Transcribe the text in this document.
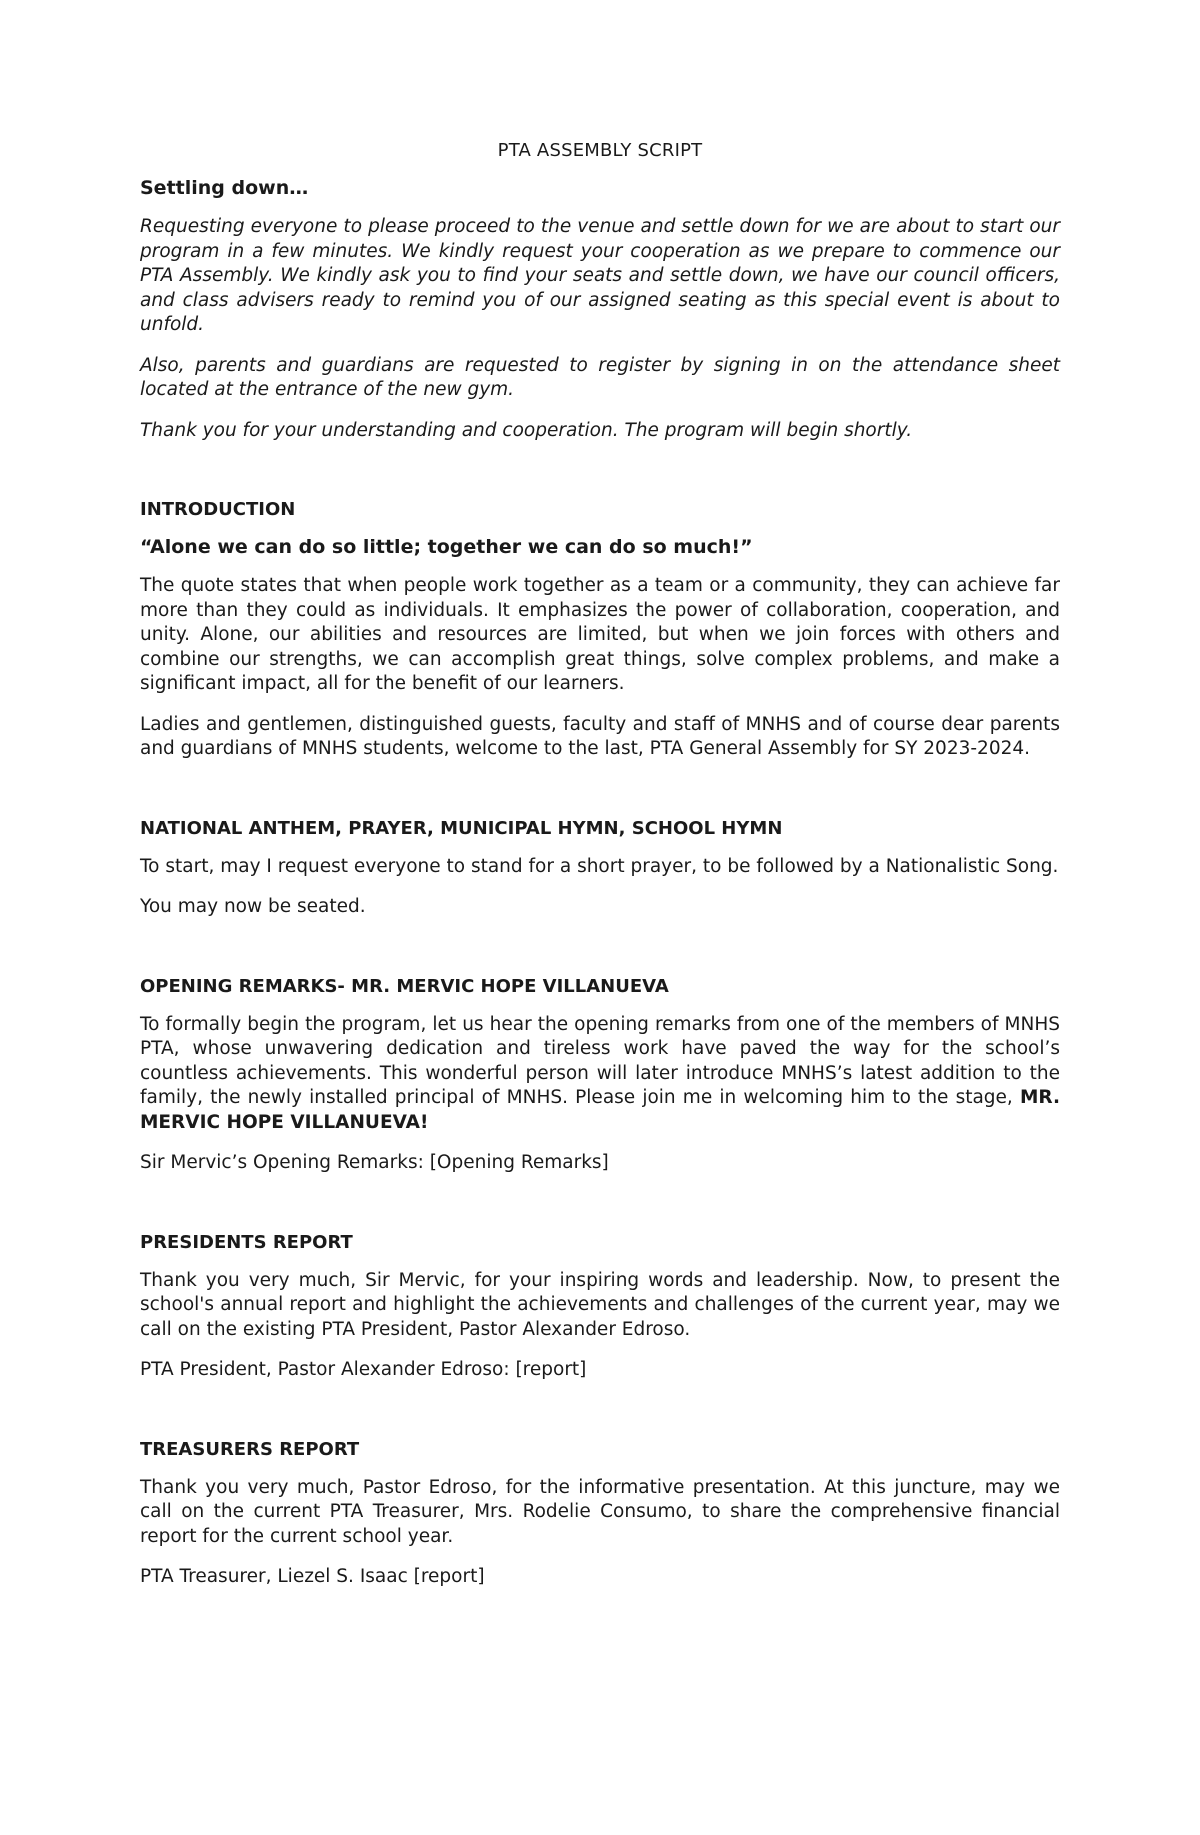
PTA ASSEMBLY SCRIPT
Settling down…

Requesting everyone to please proceed to the venue and settle down for we are about to start our program in a few minutes. We kindly request your cooperation as we prepare to commence our PTA Assembly. We kindly ask you to find your seats and settle down, we have our council officers, and class advisers ready to remind you of our assigned seating as this special event is about to unfold.

Also, parents and guardians are requested to register by signing in on the attendance sheet located at the entrance of the new gym.

Thank you for your understanding and cooperation. The program will begin shortly.

INTRODUCTION
“Alone we can do so little; together we can do so much!”

The quote states that when people work together as a team or a community, they can achieve far more than they could as individuals. It emphasizes the power of collaboration, cooperation, and unity. Alone, our abilities and resources are limited, but when we join forces with others and combine our strengths, we can accomplish great things, solve complex problems, and make a significant impact, all for the benefit of our learners.

Ladies and gentlemen, distinguished guests, faculty and staff of MNHS and of course dear parents and guardians of MNHS students, welcome to the last, PTA General Assembly for SY 2023-2024.

NATIONAL ANTHEM, PRAYER, MUNICIPAL HYMN, SCHOOL HYMN

To start, may I request everyone to stand for a short prayer, to be followed by a Nationalistic Song.

You may now be seated.

OPENING REMARKS- MR. MERVIC HOPE VILLANUEVA

To formally begin the program, let us hear the opening remarks from one of the members of MNHS PTA, whose unwavering dedication and tireless work have paved the way for the school’s countless achievements. This wonderful person will later introduce MNHS’s latest addition to the family, the newly installed principal of MNHS. Please join me in welcoming him to the stage, MR. MERVIC HOPE VILLANUEVA!

Sir Mervic’s Opening Remarks: [Opening Remarks]

PRESIDENTS REPORT

Thank you very much, Sir Mervic, for your inspiring words and leadership. Now, to present the school's annual report and highlight the achievements and challenges of the current year, may we call on the existing PTA President, Pastor Alexander Edroso.

PTA President, Pastor Alexander Edroso: [report]

TREASURERS REPORT

Thank you very much, Pastor Edroso, for the informative presentation. At this juncture, may we call on the current PTA Treasurer, Mrs. Rodelie Consumo, to share the comprehensive financial report for the current school year.

PTA Treasurer, Liezel S. Isaac [report]
